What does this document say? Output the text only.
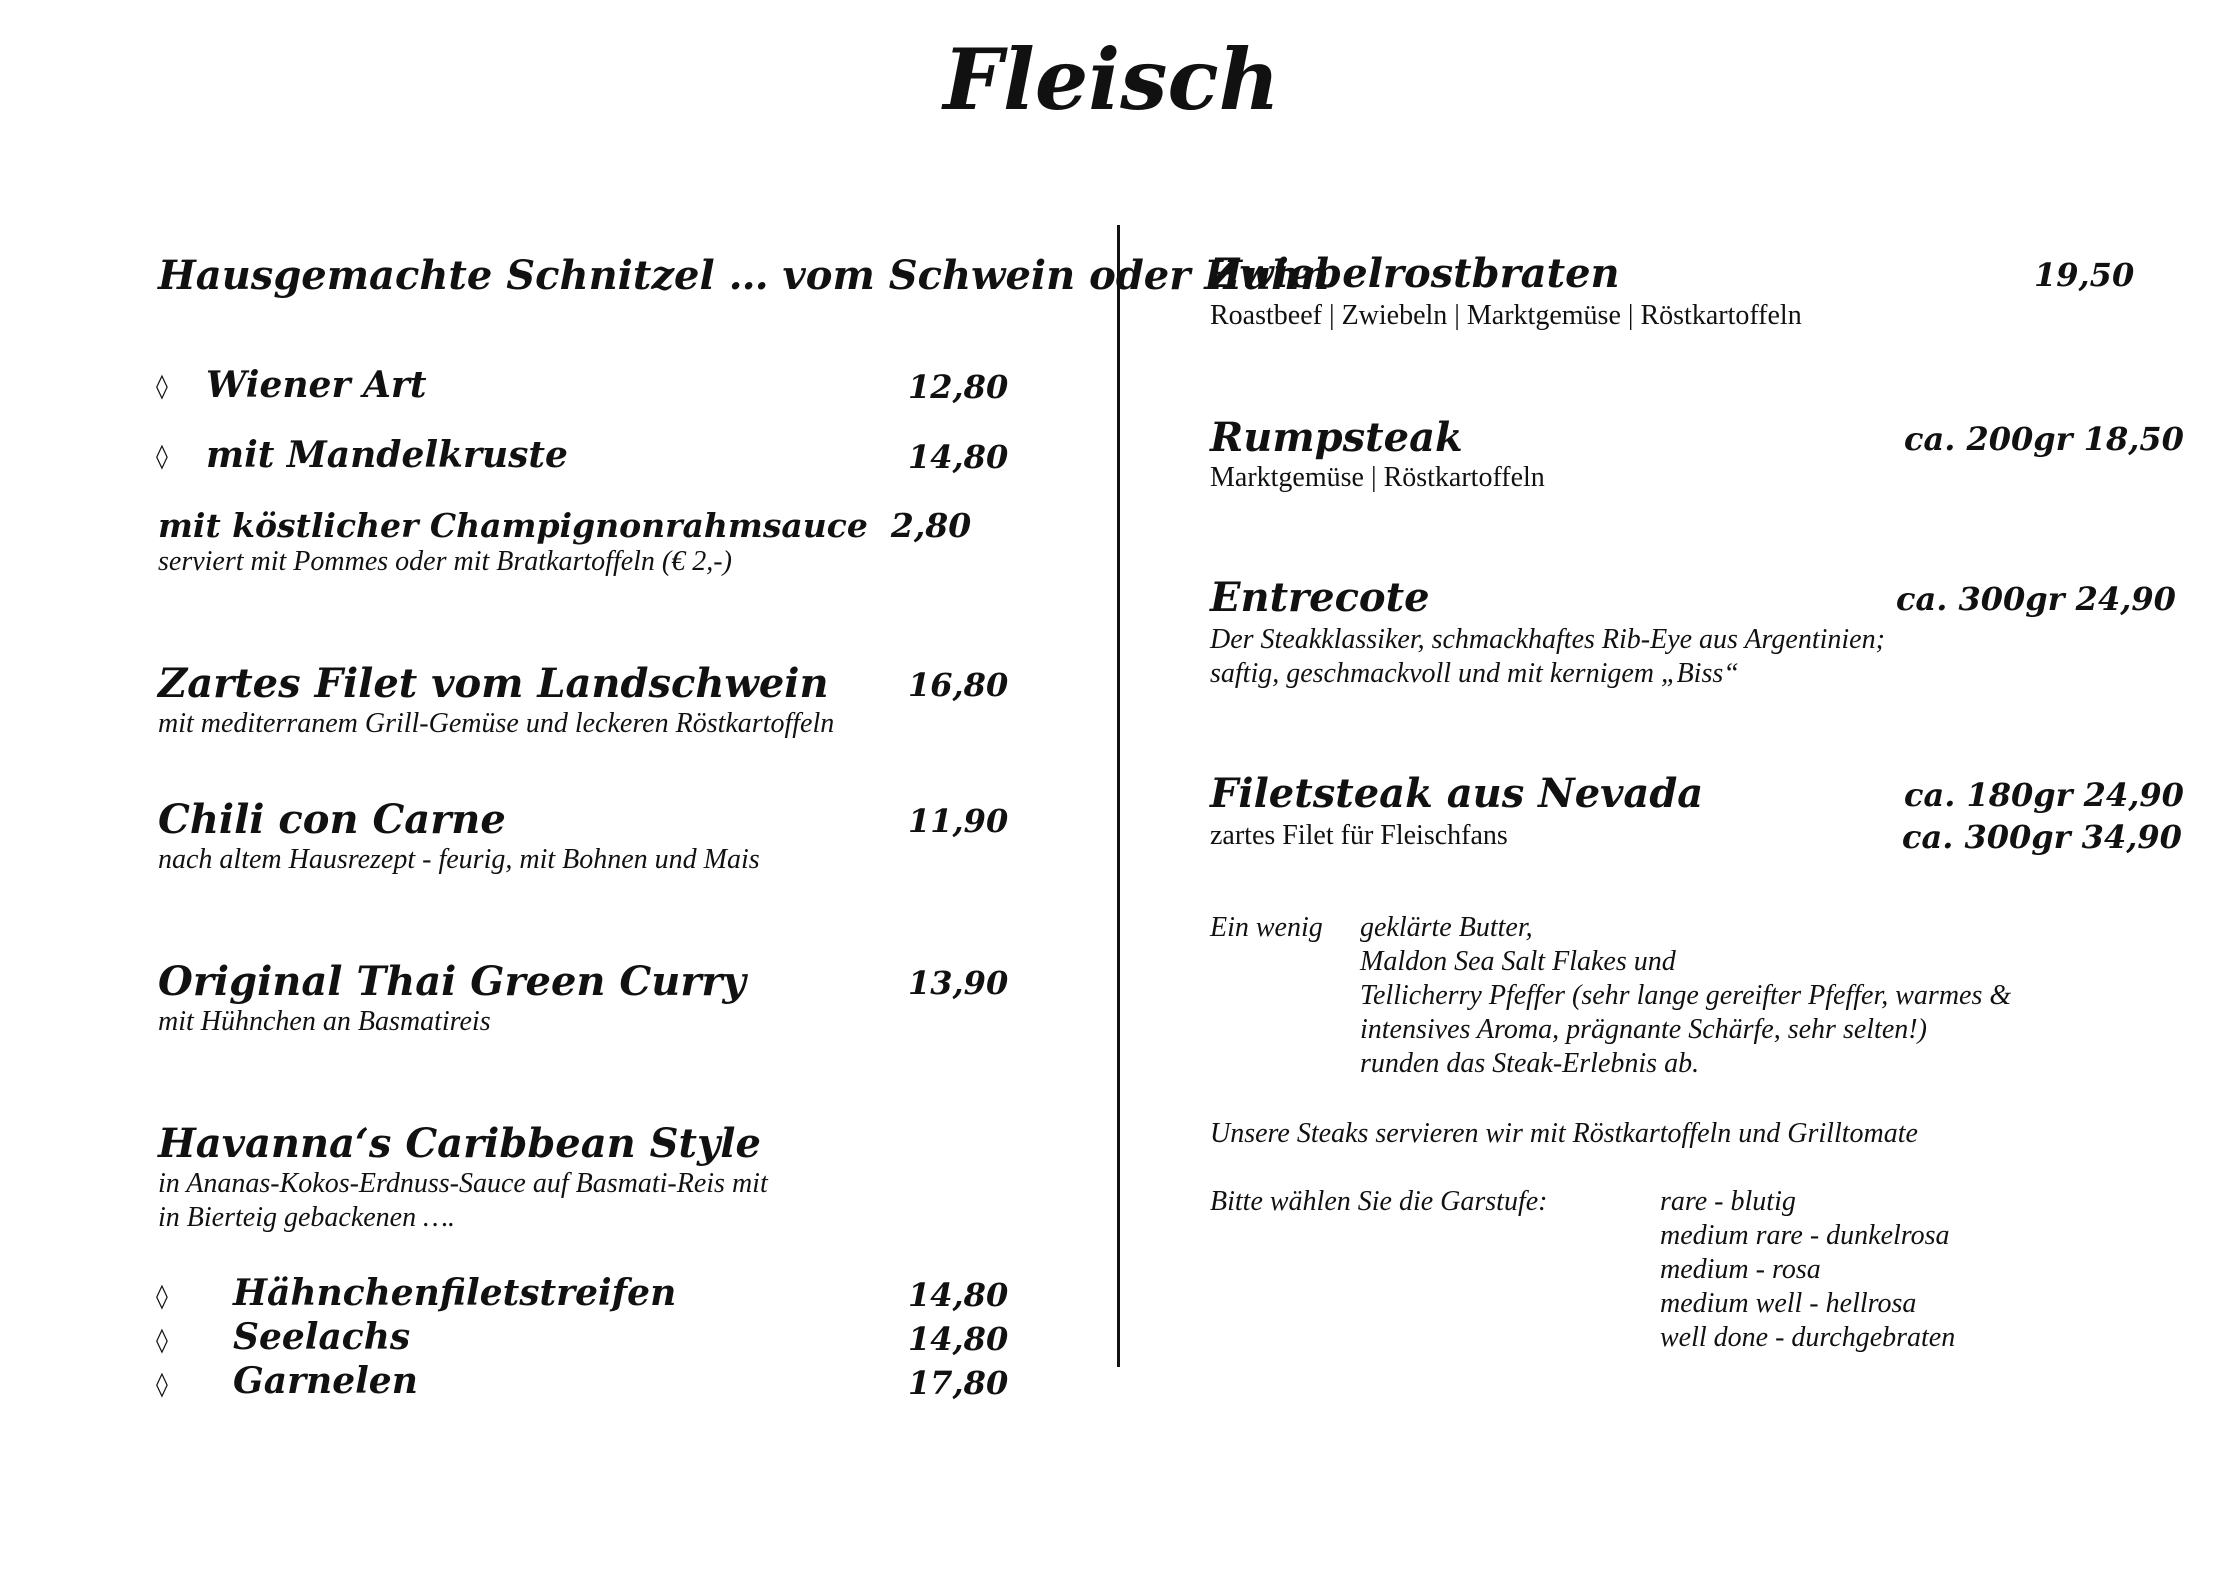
Fleisch
Hausgemachte Schnitzel … vom Schwein oder Huhn
◊ Wiener Art	12,80
◊ mit Mandelkruste	14,80
mit köstlicher Champignonrahmsauce 2,80
serviert mit Pommes oder mit Bratkartoffeln (€ 2,-)
Zartes Filet vom Landschwein 16,80
mit mediterranem Grill-Gemüse und leckeren Röstkartoffeln
Chili con Carne	11,90
nach altem Hausrezept - feurig, mit Bohnen und Mais
Original Thai Green Curry	13,90
mit Hühnchen an Basmatireis
Havanna‘s Caribbean Style
in Ananas-Kokos-Erdnuss-Sauce auf Basmati-Reis mit
in Bierteig gebackenen ….
◊ Hähnchenfiletstreifen	14,80
◊ Seelachs	14,80
◊ Garnelen	17,80
Zwiebelrostbraten	19,50
Roastbeef | Zwiebeln | Marktgemüse | Röstkartoffeln
Rumpsteak	ca. 200gr 18,50
Marktgemüse | Röstkartoffeln
Entrecote	ca. 300gr 24,90
Der Steakklassiker, schmackhaftes Rib-Eye aus Argentinien;
saftig, geschmackvoll und mit kernigem „Biss“
Filetsteak aus Nevada	ca. 180gr 24,90
zartes Filet für Fleischfans	ca. 300gr 34,90
Ein wenig geklärte Butter,
Maldon Sea Salt Flakes und
Tellicherry Pfeffer (sehr lange gereifter Pfeffer, warmes &
intensives Aroma, prägnante Schärfe, sehr selten!)
runden das Steak-Erlebnis ab.
Unsere Steaks servieren wir mit Röstkartoffeln und Grilltomate
Bitte wählen Sie die Garstufe:	rare - blutig
medium rare - dunkelrosa
medium - rosa
medium well - hellrosa
well done - durchgebraten
